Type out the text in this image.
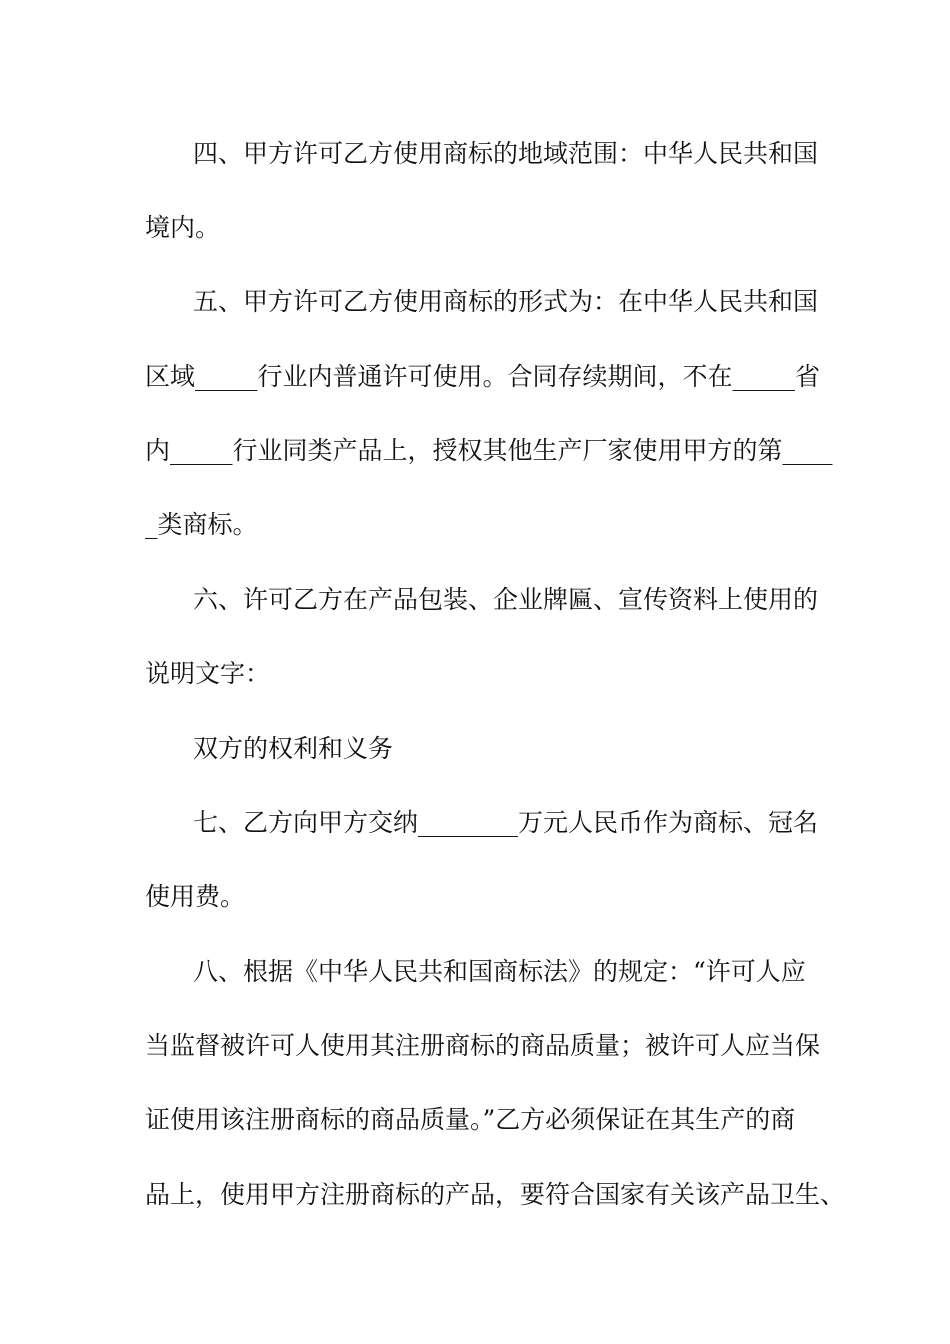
四、甲方许可乙方使用商标的地域范围：中华人民共和国
境内。
五、甲方许可乙方使用商标的形式为：在中华人民共和国
区域_____行业内普通许可使用。合同存续期间，不在_____省
内_____行业同类产品上，授权其他生产厂家使用甲方的第____
_类商标。
六、许可乙方在产品包装、企业牌匾、宣传资料上使用的
说明文字：
双方的权利和义务
七、乙方向甲方交纳________万元人民币作为商标、冠名
使用费。
八、根据《中华人民共和国商标法》的规定：“许可人应
当监督被许可人使用其注册商标的商品质量；被许可人应当保
证使用该注册商标的商品质量。”乙方必须保证在其生产的商
品上，使用甲方注册商标的产品，要符合国家有关该产品卫生、
